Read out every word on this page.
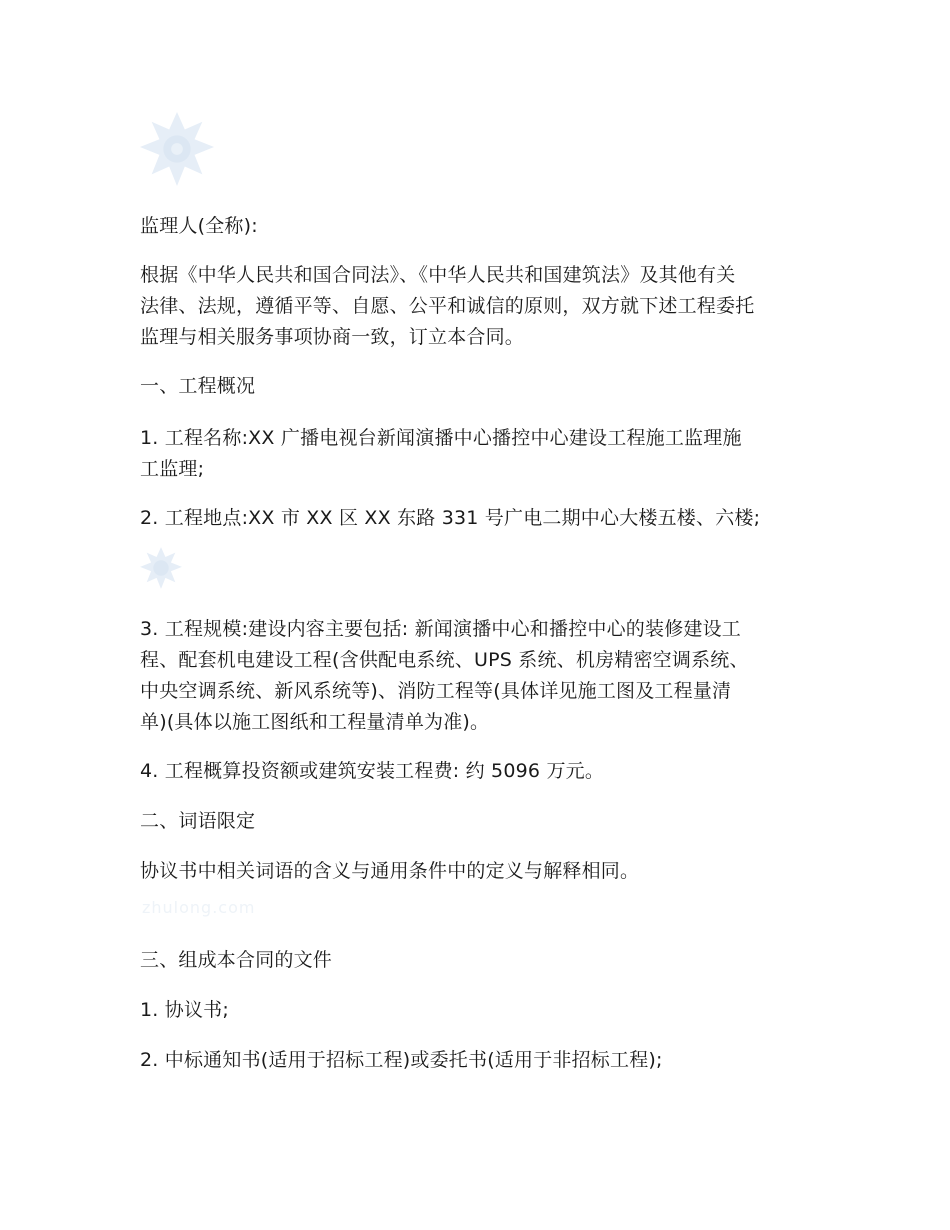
监理人(全称):

根据《中华人民共和国合同法》、《中华人民共和国建筑法》及其他有关

法律、法规，遵循平等、自愿、公平和诚信的原则，双方就下述工程委托

监理与相关服务事项协商一致，订立本合同。

一、工程概况

1. 工程名称:XX 广播电视台新闻演播中心播控中心建设工程施工监理施

工监理;

2. 工程地点:XX 市 XX 区 XX 东路 331 号广电二期中心大楼五楼、六楼;

3. 工程规模:建设内容主要包括: 新闻演播中心和播控中心的装修建设工

程、配套机电建设工程(含供配电系统、UPS 系统、机房精密空调系统、

中央空调系统、新风系统等)、消防工程等(具体详见施工图及工程量清

单)(具体以施工图纸和工程量清单为准)。

4. 工程概算投资额或建筑安装工程费: 约 5096 万元。

二、词语限定

协议书中相关词语的含义与通用条件中的定义与解释相同。

zhulong.com

三、组成本合同的文件

1. 协议书;

2. 中标通知书(适用于招标工程)或委托书(适用于非招标工程);
